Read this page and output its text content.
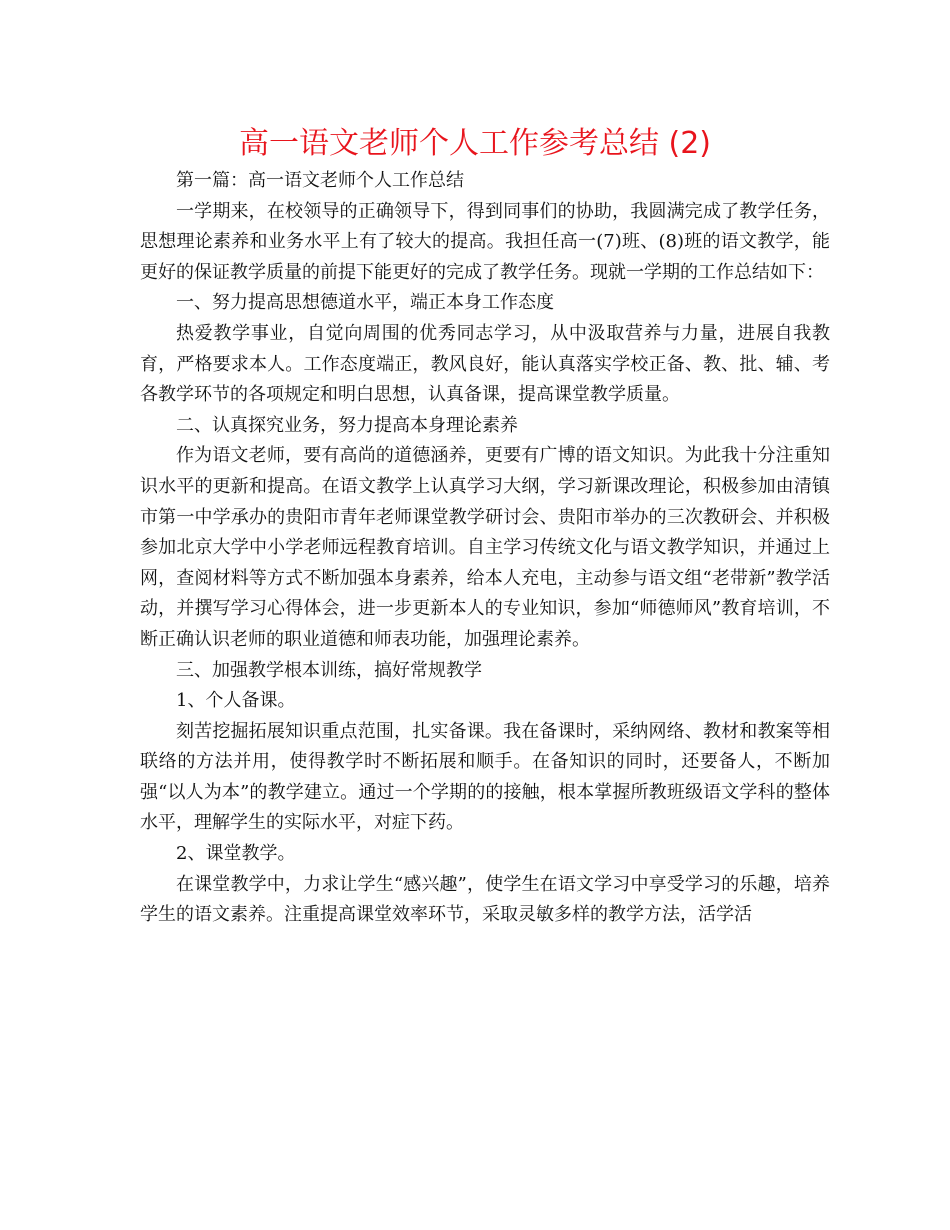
高一语文老师个人工作参考总结 (2)

第一篇：高一语文老师个人工作总结

一学期来，在校领导的正确领导下，得到同事们的协助，我圆满完成了教学任务，思想理论素养和业务水平上有了较大的提高。我担任高一(7)班、(8)班的语文教学，能更好的保证教学质量的前提下能更好的完成了教学任务。现就一学期的工作总结如下：

一、努力提高思想德道水平，端正本身工作态度

热爱教学事业，自觉向周围的优秀同志学习，从中汲取营养与力量，进展自我教育，严格要求本人。工作态度端正，教风良好，能认真落实学校正备、教、批、辅、考各教学环节的各项规定和明白思想，认真备课，提高课堂教学质量。

二、认真探究业务，努力提高本身理论素养

作为语文老师，要有高尚的道德涵养，更要有广博的语文知识。为此我十分注重知识水平的更新和提高。在语文教学上认真学习大纲，学习新课改理论，积极参加由清镇市第一中学承办的贵阳市青年老师课堂教学研讨会、贵阳市举办的三次教研会、并积极参加北京大学中小学老师远程教育培训。自主学习传统文化与语文教学知识，并通过上网，查阅材料等方式不断加强本身素养，给本人充电，主动参与语文组“老带新”教学活动，并撰写学习心得体会，进一步更新本人的专业知识，参加“师德师风”教育培训，不断正确认识老师的职业道德和师表功能，加强理论素养。

三、加强教学根本训练，搞好常规教学

1、个人备课。

刻苦挖掘拓展知识重点范围，扎实备课。我在备课时，采纳网络、教材和教案等相联络的方法并用，使得教学时不断拓展和顺手。在备知识的同时，还要备人，不断加强“以人为本”的教学建立。通过一个学期的的接触，根本掌握所教班级语文学科的整体水平，理解学生的实际水平，对症下药。

2、课堂教学。

在课堂教学中，力求让学生“感兴趣”，使学生在语文学习中享受学习的乐趣，培养学生的语文素养。注重提高课堂效率环节，采取灵敏多样的教学方法，活学活
